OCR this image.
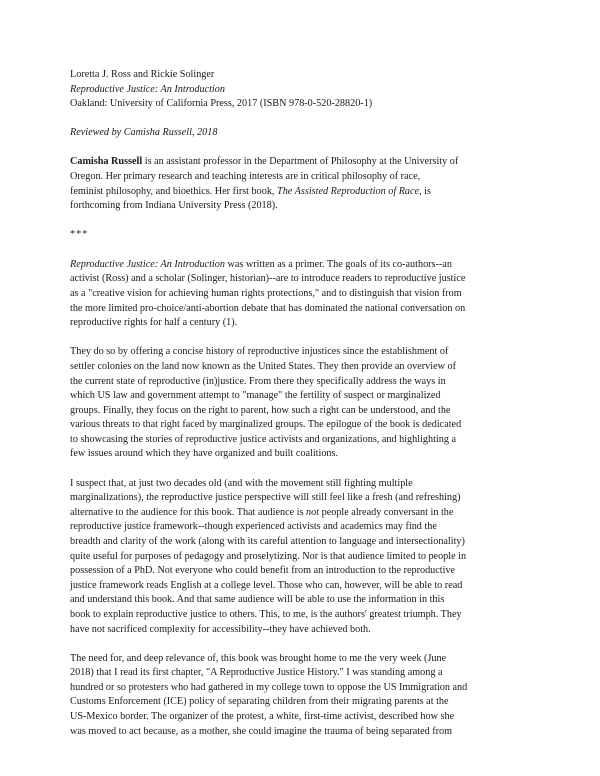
Loretta J. Ross and Rickie Solinger
Reproductive Justice: An Introduction
Oakland: University of California Press, 2017 (ISBN 978-0-520-28820-1)
Reviewed by Camisha Russell, 2018
Camisha Russell is an assistant professor in the Department of Philosophy at the University of
Oregon. Her primary research and teaching interests are in critical philosophy of race,
feminist philosophy, and bioethics. Her first book, The Assisted Reproduction of Race, is
forthcoming from Indiana University Press (2018).
***
Reproductive Justice: An Introduction was written as a primer. The goals of its co-authors--an
activist (Ross) and a scholar (Solinger, historian)--are to introduce readers to reproductive justice
as a "creative vision for achieving human rights protections," and to distinguish that vision from
the more limited pro-choice/anti-abortion debate that has dominated the national conversation on
reproductive rights for half a century (1).
They do so by offering a concise history of reproductive injustices since the establishment of
settler colonies on the land now known as the United States. They then provide an overview of
the current state of reproductive (in)justice. From there they specifically address the ways in
which US law and government attempt to "manage" the fertility of suspect or marginalized
groups. Finally, they focus on the right to parent, how such a right can be understood, and the
various threats to that right faced by marginalized groups. The epilogue of the book is dedicated
to showcasing the stories of reproductive justice activists and organizations, and highlighting a
few issues around which they have organized and built coalitions.
I suspect that, at just two decades old (and with the movement still fighting multiple
marginalizations), the reproductive justice perspective will still feel like a fresh (and refreshing)
alternative to the audience for this book. That audience is not people already conversant in the
reproductive justice framework--though experienced activists and academics may find the
breadth and clarity of the work (along with its careful attention to language and intersectionality)
quite useful for purposes of pedagogy and proselytizing. Nor is that audience limited to people in
possession of a PhD. Not everyone who could benefit from an introduction to the reproductive
justice framework reads English at a college level. Those who can, however, will be able to read
and understand this book. And that same audience will be able to use the information in this
book to explain reproductive justice to others. This, to me, is the authors' greatest triumph. They
have not sacrificed complexity for accessibility--they have achieved both.
The need for, and deep relevance of, this book was brought home to me the very week (June
2018) that I read its first chapter, "A Reproductive Justice History." I was standing among a
hundred or so protesters who had gathered in my college town to oppose the US Immigration and
Customs Enforcement (ICE) policy of separating children from their migrating parents at the
US-Mexico border. The organizer of the protest, a white, first-time activist, described how she
was moved to act because, as a mother, she could imagine the trauma of being separated from
